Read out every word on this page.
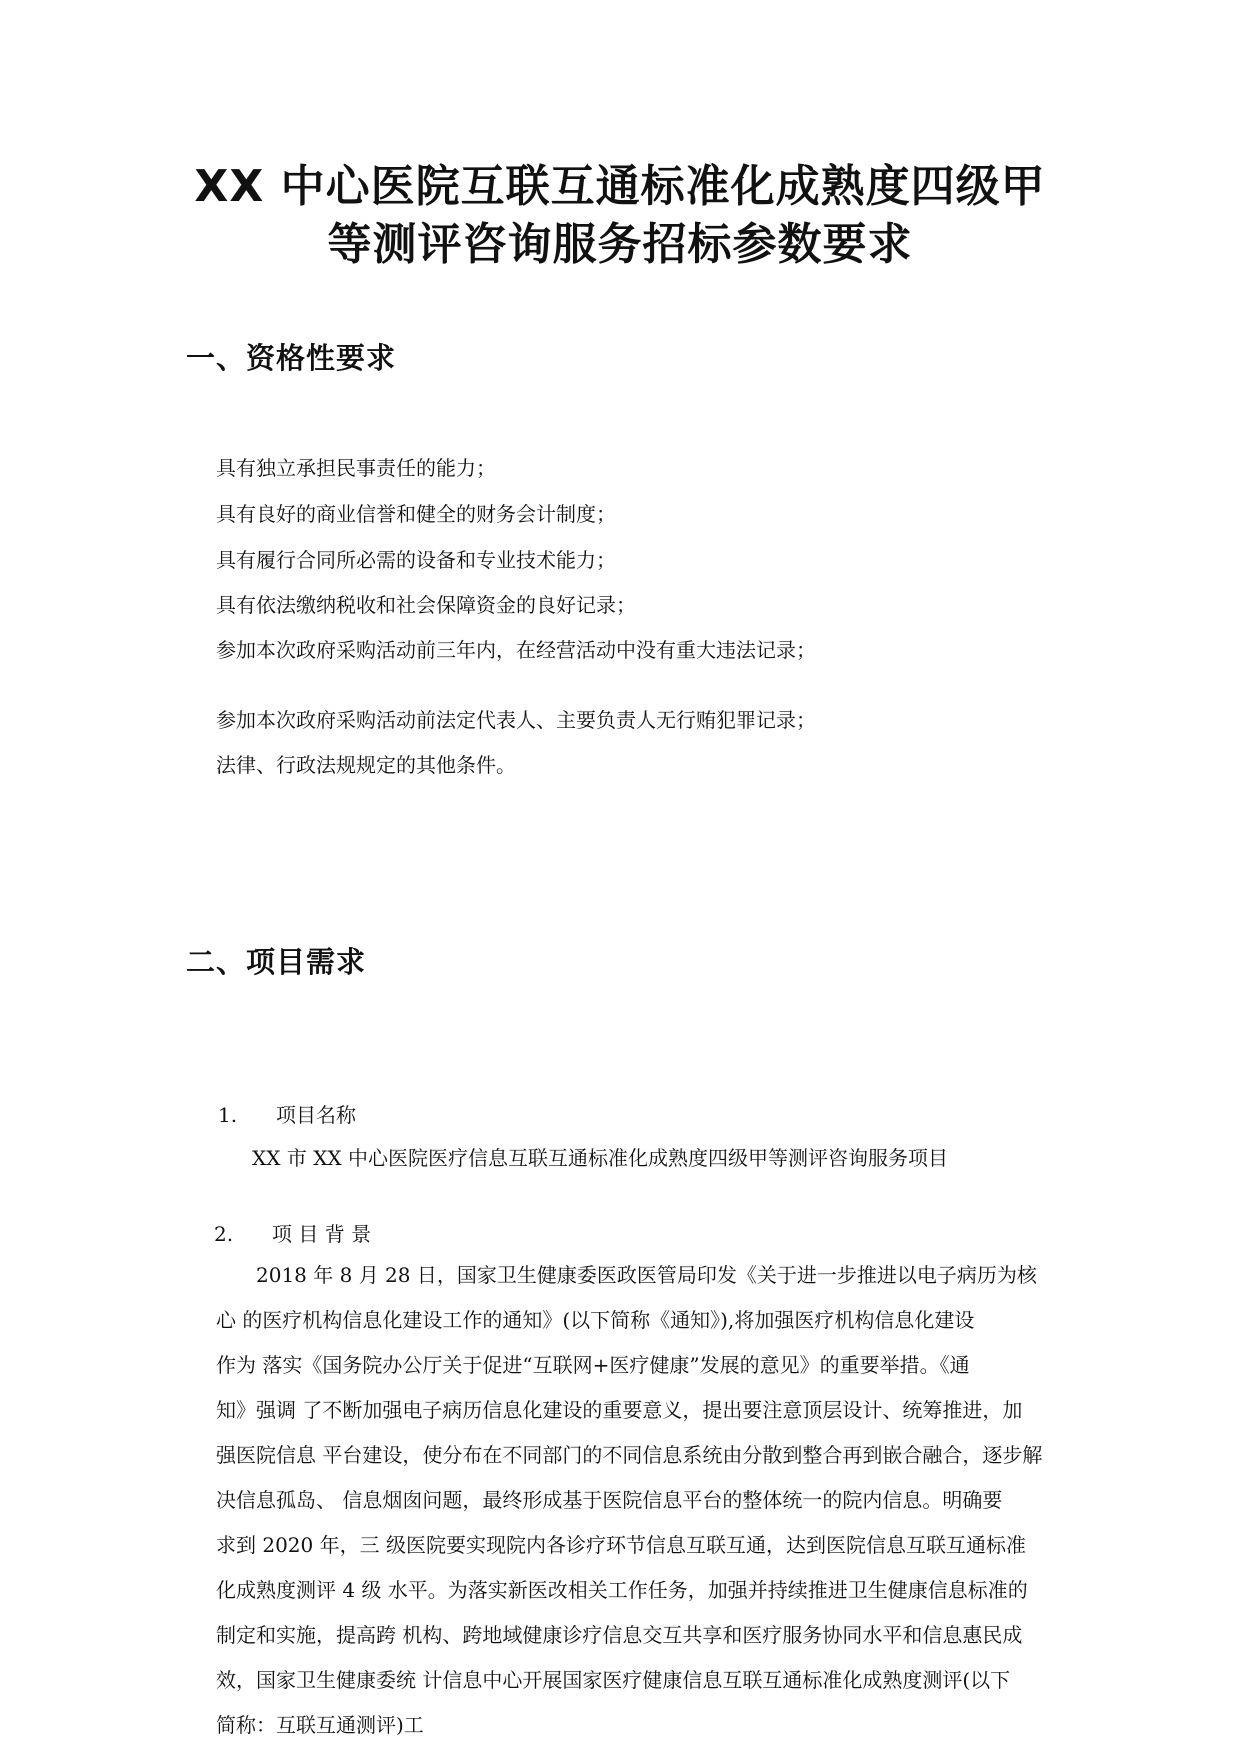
XX 中心医院互联互通标准化成熟度四级甲
等测评咨询服务招标参数要求
一、资格性要求
具有独立承担民事责任的能力；
具有良好的商业信誉和健全的财务会计制度；
具有履行合同所必需的设备和专业技术能力；
具有依法缴纳税收和社会保障资金的良好记录；
参加本次政府采购活动前三年内，在经营活动中没有重大违法记录；
参加本次政府采购活动前法定代表人、主要负责人无行贿犯罪记录；
法律、行政法规规定的其他条件。
二、项目需求
1. 项目名称
XX 市 XX 中心医院医疗信息互联互通标准化成熟度四级甲等测评咨询服务项目
2. 项 目 背 景
　　2018 年 8 月 28 日，国家卫生健康委医政医管局印发《关于进一步推进以电子病历为核
心 的医疗机构信息化建设工作的通知》(以下简称《通知》),将加强医疗机构信息化建设
作为 落实《国务院办公厅关于促进“互联网+医疗健康”发展的意见》的重要举措。《通
知》强调 了不断加强电子病历信息化建设的重要意义，提出要注意顶层设计、统筹推进，加
强医院信息 平台建设，使分布在不同部门的不同信息系统由分散到整合再到嵌合融合，逐步解
决信息孤岛、 信息烟囱问题，最终形成基于医院信息平台的整体统一的院内信息。明确要
求到 2020 年，三 级医院要实现院内各诊疗环节信息互联互通，达到医院信息互联互通标准
化成熟度测评 4 级 水平。为落实新医改相关工作任务，加强并持续推进卫生健康信息标准的
制定和实施，提高跨 机构、跨地域健康诊疗信息交互共享和医疗服务协同水平和信息惠民成
效，国家卫生健康委统 计信息中心开展国家医疗健康信息互联互通标准化成熟度测评(以下
简称：互联互通测评)工
